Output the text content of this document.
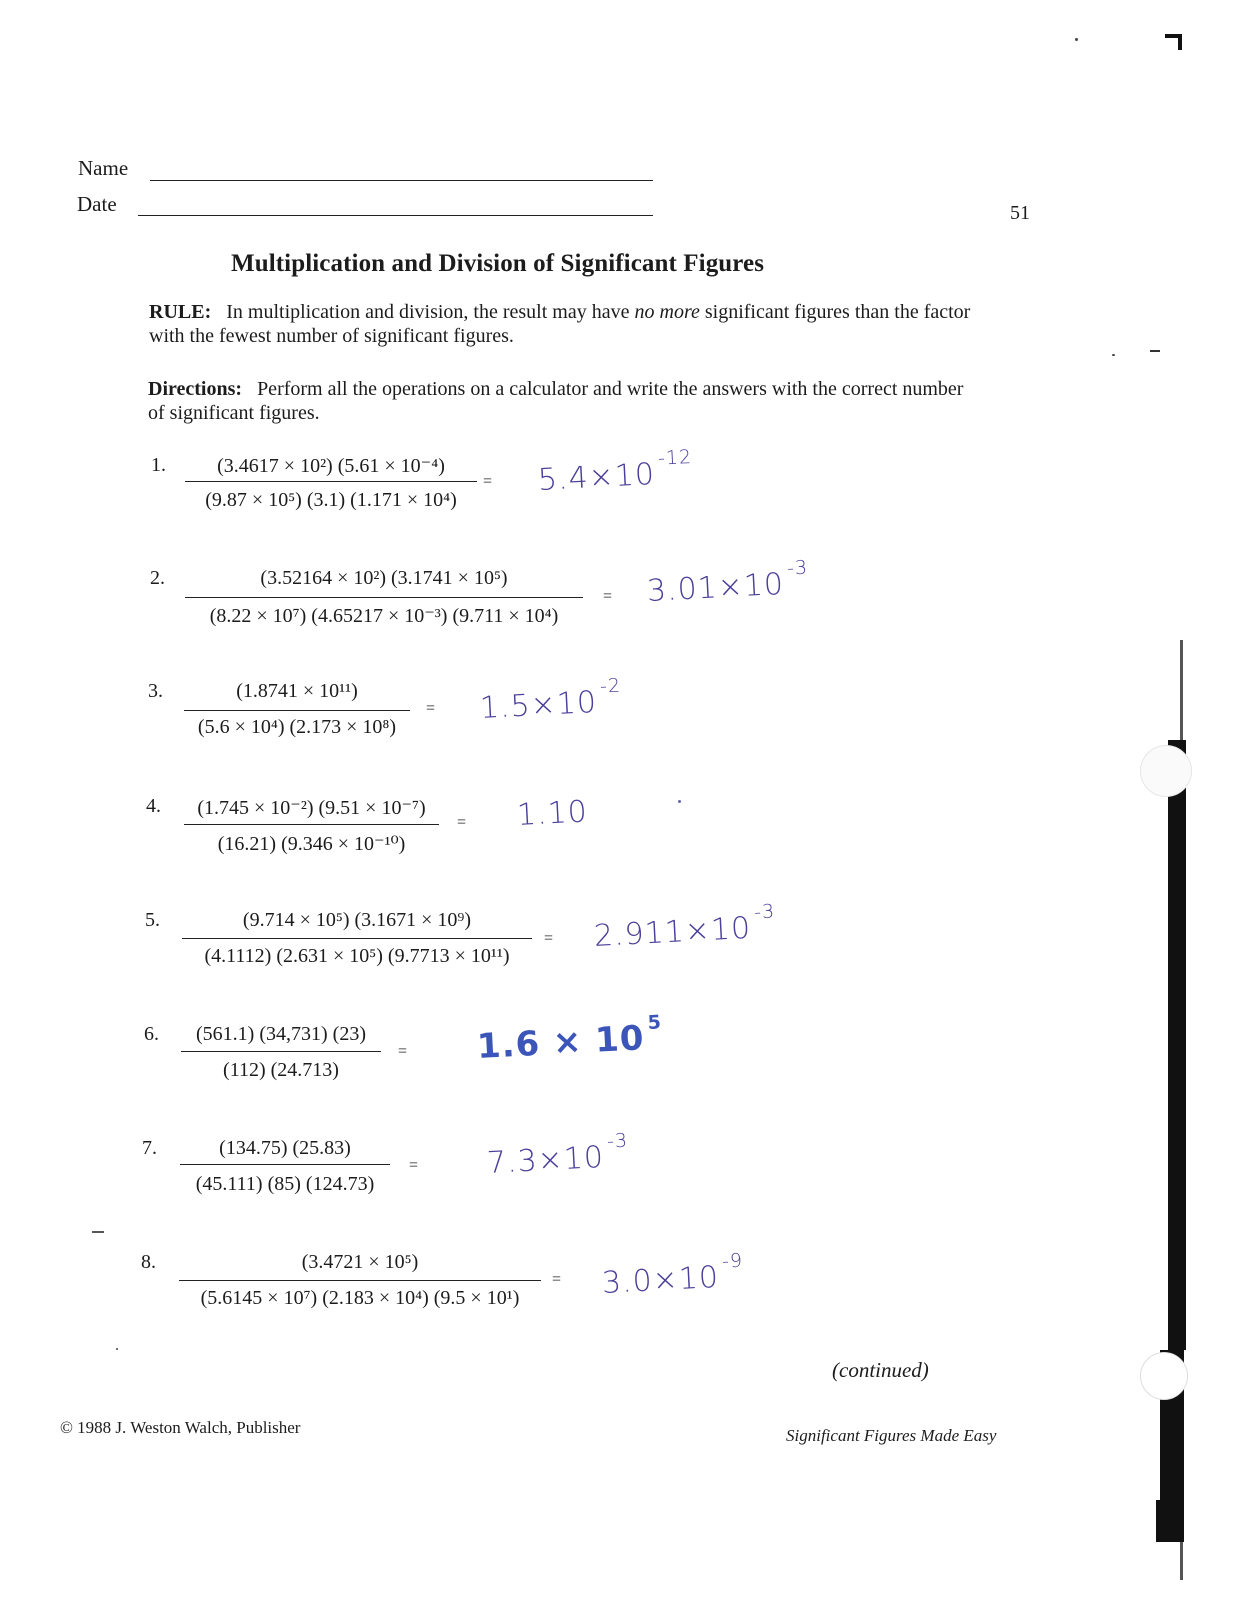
Name
Date	51
Multiplication and Division of Significant Figures
RULE: In multiplication and division, the result may have no more significant figures than the factor with the fewest number of significant figures.
Directions: Perform all the operations on a calculator and write the answers with the correct number of significant figures.
1.	(3.4617 × 10²) (5.61 × 10⁻⁴)
(9.87 × 10⁵) (3.1) (1.171 × 10⁴)
= $5.4\times 10^{-12}$
2.	(3.52164 × 10²) (3.1741 × 10⁵)
(8.22 × 10⁷) (4.65217 × 10⁻³) (9.711 × 10⁴)
= $3.01\times 10^{-3}$
3.	(1.8741 × 10¹¹)
(5.6 × 10⁴) (2.173 × 10⁸)
= $1.5\times 10^{-2}$
4.	(1.745 × 10⁻²) (9.51 × 10⁻⁷)
(16.21) (9.346 × 10⁻¹⁰)
= 1.10
5.	(9.714 × 10⁵) (3.1671 × 10⁹)
(4.1112) (2.631 × 10⁵) (9.7713 × 10¹¹)
= $2.911\times 10^{-3}$
6.	(561.1) (34,731) (23)
(112) (24.713)
= $1.6 \times 10^5$
7.	(134.75) (25.83)
(45.111) (85) (124.73)
= $7.3\times 10^{-3}$
8.	(3.4721 × 10⁵)
(5.6145 × 10⁷) (2.183 × 10⁴) (9.5 × 10¹)
= $3.0\times 10^{-9}$
(continued)
© 1988 J. Weston Walch, Publisher	Significant Figures Made Easy
